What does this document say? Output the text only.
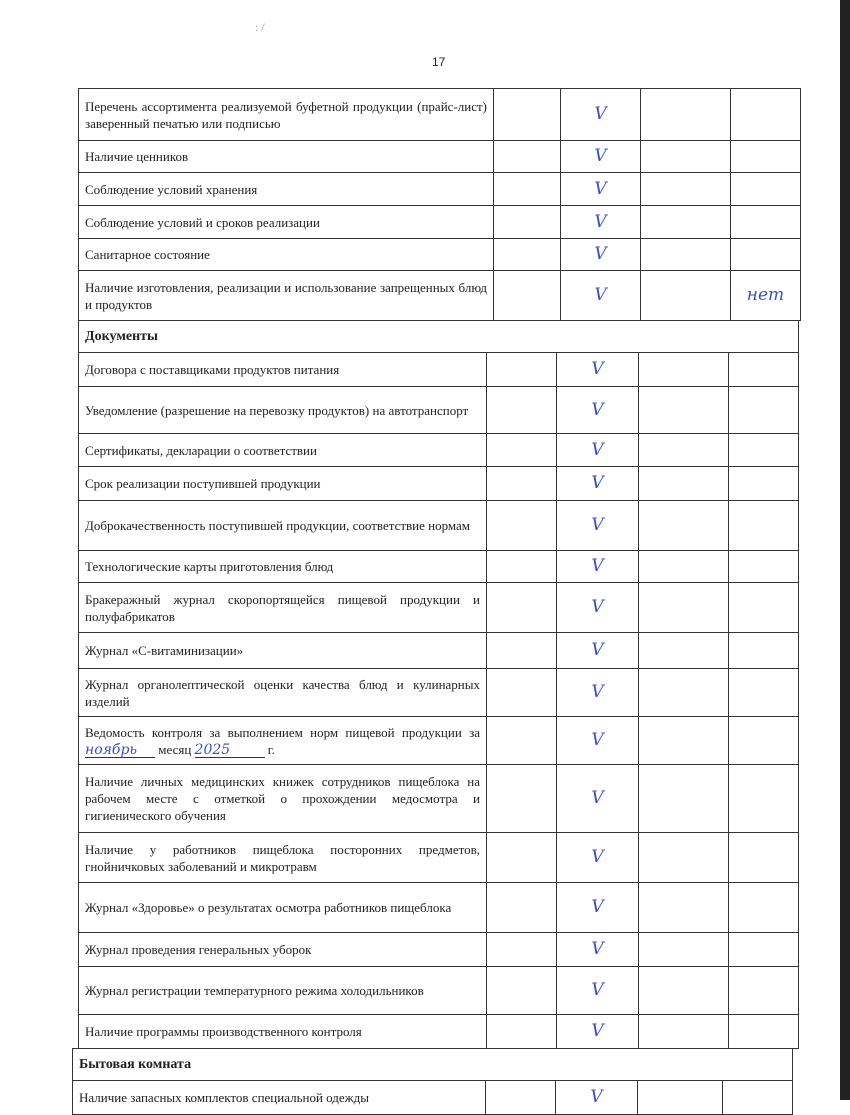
: /
17
Перечень ассортимента реализуемой буфетной продукции (прайс-лист) заверенный печатью или подписью		V		
Наличие ценников		V		
Соблюдение условий хранения		V		
Соблюдение условий и сроков реализации		V		
Санитарное состояние		V		
Наличие изготовления, реализации и использование запрещенных блюд и продуктов		V		нет
Документы				
Договора с поставщиками продуктов питания		V		
Уведомление (разрешение на перевозку продуктов) на автотранспорт		V		
Сертификаты, декларации о соответствии		V		
Срок реализации поступившей продукции		V		
Доброкачественность поступившей продукции, соответствие нормам		V		
Технологические карты приготовления блюд		V		
Бракеражный журнал скоропортящейся пищевой продукции и полуфабрикатов		V		
Журнал «С-витаминизации»		V		
Журнал органолептической оценки качества блюд и кулинарных изделий		V		
Ведомость контроля за выполнением норм пищевой продукции за ноябрь месяц 2025 г.		V		
Наличие личных медицинских книжек сотрудников пищеблока на рабочем месте с отметкой о прохождении медосмотра и гигиенического обучения		V		
Наличие у работников пищеблока посторонних предметов, гнойничковых заболеваний и микротравм		V		
Журнал «Здоровье» о результатах осмотра работников пищеблока		V		
Журнал проведения генеральных уборок		V		
Журнал регистрации температурного режима холодильников		V		
Наличие программы производственного контроля		V		
Бытовая комната
Наличие запасных комплектов специальной одежды		V		
